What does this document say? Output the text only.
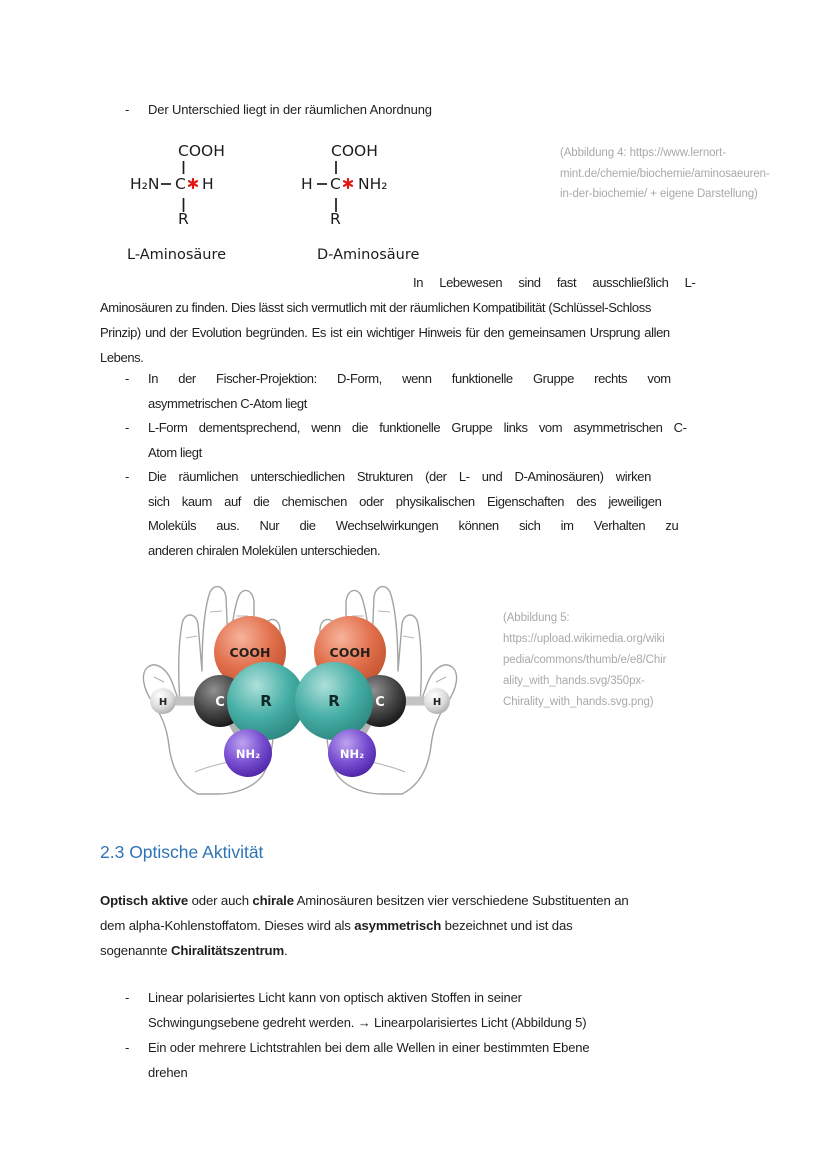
- Der Unterschied liegt in der räumlichen Anordnung
COOH
H₂N C H
R
L-Aminosäure
COOH
H C NH₂
R
D-Aminosäure
(Abbildung 4: https://www.lernort-
mint.de/chemie/biochemie/aminosaeuren-
in-der-biochemie/ + eigene Darstellung)
In Lebewesen sind fast ausschließlich L-
Aminosäuren zu finden. Dies lässt sich vermutlich mit der räumlichen Kompatibilität (Schlüssel-Schloss
Prinzip) und der Evolution begründen. Es ist ein wichtiger Hinweis für den gemeinsamen Ursprung allen
Lebens.
- In der Fischer-Projektion: D-Form, wenn funktionelle Gruppe rechts vom
asymmetrischen C-Atom liegt
- L-Form dementsprechend, wenn die funktionelle Gruppe links vom asymmetrischen C-
Atom liegt
- Die räumlichen unterschiedlichen Strukturen (der L- und D-Aminosäuren) wirken
sich kaum auf die chemischen oder physikalischen Eigenschaften des jeweiligen
Moleküls aus. Nur die Wechselwirkungen können sich im Verhalten zu
anderen chiralen Molekülen unterschieden.
COOH
C R
H
NH₂
COOH
C
R	H
NH₂
(Abbildung 5:
https://upload.wikimedia.org/wiki
pedia/commons/thumb/e/e8/Chir
ality_with_hands.svg/350px-
Chirality_with_hands.svg.png)
2.3 Optische Aktivität
Optisch aktive oder auch chirale Aminosäuren besitzen vier verschiedene Substituenten an
dem alpha-Kohlenstoffatom. Dieses wird als asymmetrisch bezeichnet und ist das
sogenannte Chiralitätszentrum.
- Linear polarisiertes Licht kann von optisch aktiven Stoffen in seiner
Schwingungsebene gedreht werden. → Linearpolarisiertes Licht (Abbildung 5)
- Ein oder mehrere Lichtstrahlen bei dem alle Wellen in einer bestimmten Ebene
drehen
